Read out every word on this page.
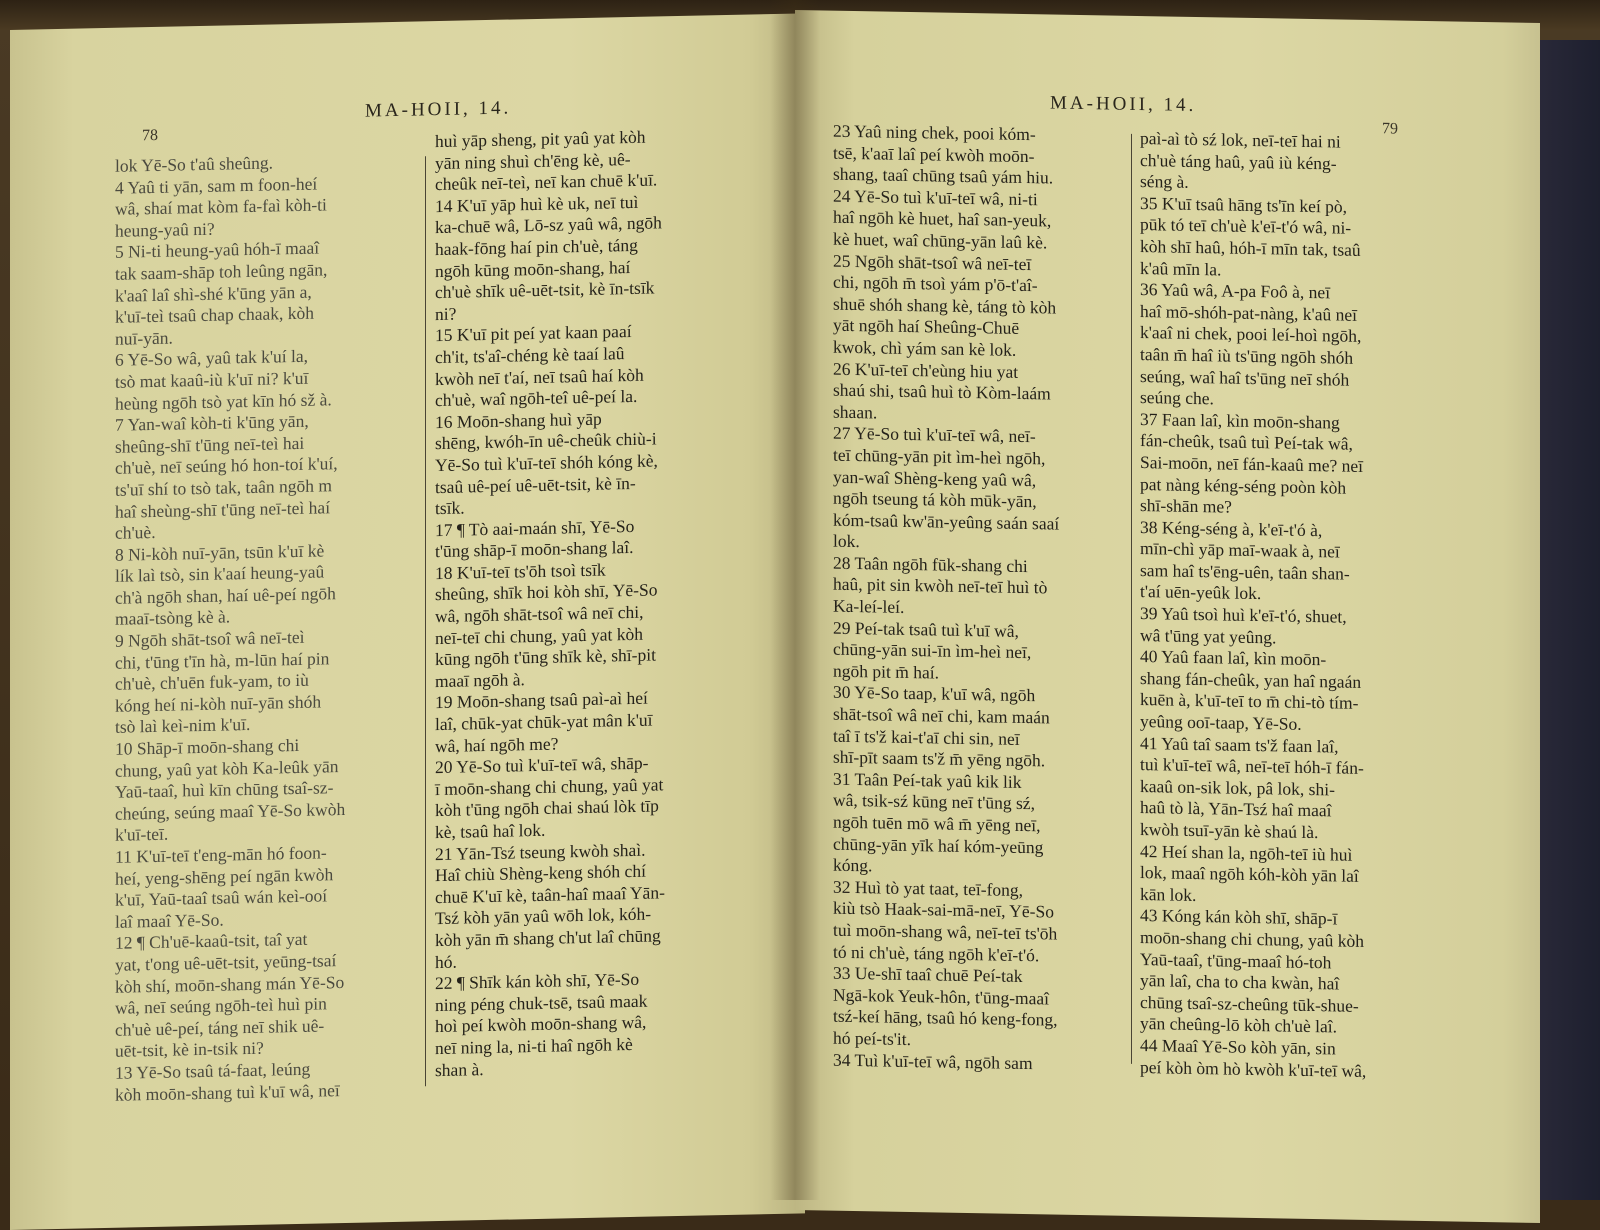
MA-HOII, 14.
78
lok Yē-So t'aû sheûng.
4 Yaû ti yān, sam m foon-heí
wâ, shaí mat kòm fa-faì kòh-ti
heung-yaû ni?
5 Ni-ti heung-yaû hóh-ī maaî
tak saam-shāp toh leûng ngān,
k'aaî laî shì-shé k'ūng yān a,
k'uī-teì tsaû chap chaak, kòh
nuī-yān.
6 Yē-So wâ, yaû tak k'uí la,
tsò mat kaaû-iù k'uī ni? k'uī
heùng ngōh tsò yat kīn hó sž à.
7 Yan-waî kòh-ti k'ūng yān,
sheûng-shī t'ūng neī-teì hai
ch'uè, neī seúng hó hon-toí k'uí,
ts'uī shí to tsò tak, taân ngōh m
haî sheùng-shī t'ūng neī-teì haí
ch'uè.
8 Ni-kòh nuī-yān, tsūn k'uī kè
lík laì tsò, sin k'aaí heung-yaû
ch'à ngōh shan, haí uê-peí ngōh
maaī-tsòng kè à.
9 Ngōh shāt-tsoî wâ neī-teì
chi, t'ūng t'īn hà, m-lūn haí pin
ch'uè, ch'uēn fuk-yam, to iù
kóng heí ni-kòh nuī-yān shóh
tsò laì keì-nim k'uī.
10 Shāp-ī moōn-shang chi
chung, yaû yat kòh Ka-leûk yān
Yaū-taaî, huì kīn chūng tsaî-sz-
cheúng, seúng maaî Yē-So kwòh
k'uī-teī.
11 K'uī-teī t'eng-mān hó foon-
heí, yeng-shēng peí ngān kwòh
k'uī, Yaū-taaî tsaû wán keì-ooí
laî maaî Yē-So.
12 ¶ Ch'uē-kaaû-tsit, taî yat
yat, t'ong uê-uēt-tsit, yeūng-tsaí
kòh shí, moōn-shang mán Yē-So
wâ, neī seúng ngōh-teì huì pin
ch'uè uê-peí, táng neī shik uê-
uēt-tsit, kè in-tsik ni?
13 Yē-So tsaû tá-faat, leúng
kòh moōn-shang tuì k'uī wâ, neī
huì yāp sheng, pit yaû yat kòh
yān ning shuì ch'ēng kè, uê-
cheûk neī-teì, neī kan chuē k'uī.
14 K'uī yāp huì kè uk, neī tuì
ka-chuē wâ, Lō-sz yaû wâ, ngōh
haak-fōng haí pin ch'uè, táng
ngōh kūng moōn-shang, haí
ch'uè shīk uê-uēt-tsit, kè īn-tsīk
ni?
15 K'uī pit peí yat kaan paaí
ch'it, ts'aî-chéng kè taaí laû
kwòh neī t'aí, neī tsaû haí kòh
ch'uè, waî ngōh-teî uê-peí la.
16 Moōn-shang huì yāp
shēng, kwóh-īn uê-cheûk chiù-i
Yē-So tuì k'uī-teī shóh kóng kè,
tsaû uê-peí uê-uēt-tsit, kè īn-
tsīk.
17 ¶ Tò aai-maán shī, Yē-So
t'ūng shāp-ī moōn-shang laî.
18 K'uī-teī ts'ōh tsoì tsīk
sheûng, shīk hoi kòh shī, Yē-So
wâ, ngōh shāt-tsoî wâ neī chi,
neī-teī chi chung, yaû yat kòh
kūng ngōh t'ūng shīk kè, shī-pit
maaī ngōh à.
19 Moōn-shang tsaû paì-aì heí
laî, chūk-yat chūk-yat mân k'uī
wâ, haí ngōh me?
20 Yē-So tuì k'uī-teī wâ, shāp-
ī moōn-shang chi chung, yaû yat
kòh t'ūng ngōh chai shaú lòk tīp
kè, tsaû haî lok.
21 Yān-Tsź tseung kwòh shaì.
Haî chiù Shèng-keng shóh chí
chuē K'uī kè, taân-haî maaî Yān-
Tsź kòh yān yaû wōh lok, kóh-
kòh yān m̄ shang ch'ut laî chūng
hó.
22 ¶ Shīk kán kòh shī, Yē-So
ning péng chuk-tsē, tsaû maak
hoì peí kwòh moōn-shang wâ,
neī ning la, ni-ti haî ngōh kè
shan à.
MA-HOII, 14.
79
23 Yaû ning chek, pooi kóm-
tsē, k'aaī laî peí kwòh moōn-
shang, taaî chūng tsaû yám hiu.
24 Yē-So tuì k'uī-teī wâ, ni-ti
haî ngōh kè huet, haî san-yeuk,
kè huet, waî chūng-yān laû kè.
25 Ngōh shāt-tsoî wâ neī-teī
chi, ngōh m̄ tsoì yám p'ō-t'aî-
shuē shóh shang kè, táng tò kòh
yāt ngōh haí Sheûng-Chuē
kwok, chì yám san kè lok.
26 K'uī-teī ch'eùng hiu yat
shaú shi, tsaû huì tò Kòm-laám
shaan.
27 Yē-So tuì k'uī-teī wâ, neī-
teī chūng-yān pit ìm-heì ngōh,
yan-waî Shèng-keng yaû wâ,
ngōh tseung tá kòh mūk-yān,
kóm-tsaû kw'ān-yeûng saán saaí
lok.
28 Taân ngōh fūk-shang chi
haû, pit sin kwòh neī-teī huì tò
Ka-leí-leí.
29 Peí-tak tsaû tuì k'uī wâ,
chūng-yān sui-īn ìm-heì neī,
ngōh pit m̄ haí.
30 Yē-So taap, k'uī wâ, ngōh
shāt-tsoî wâ neī chi, kam maán
taî ī ts'ž kai-t'aī chi sin, neī
shī-pīt saam ts'ž m̄ yēng ngōh.
31 Taân Peí-tak yaû kik lik
wâ, tsik-sź kūng neī t'ūng sź,
ngōh tuēn mō wâ m̄ yēng neī,
chūng-yān yīk haí kóm-yeūng
kóng.
32 Huì tò yat taat, teī-fong,
kiù tsò Haak-sai-mā-neī, Yē-So
tuì moōn-shang wâ, neī-teī ts'ōh
tó ni ch'uè, táng ngōh k'eī-t'ó.
33 Ue-shī taaî chuē Peí-tak
Ngā-kok Yeuk-hôn, t'ūng-maaî
tsź-keí hāng, tsaû hó keng-fong,
hó peí-ts'it.
34 Tuì k'uī-teī wâ, ngōh sam
paì-aì tò sź lok, neī-teī hai ni
ch'uè táng haû, yaû iù kéng-
séng à.
35 K'uī tsaû hāng ts'īn keí pò,
pūk tó teī ch'uè k'eī-t'ó wâ, ni-
kòh shī haû, hóh-ī mīn tak, tsaû
k'aû mīn la.
36 Yaû wâ, A-pa Foô à, neī
haî mō-shóh-pat-nàng, k'aû neī
k'aaî ni chek, pooi leí-hoì ngōh,
taân m̄ haî iù ts'ūng ngōh shóh
seúng, waî haî ts'ūng neī shóh
seúng che.
37 Faan laî, kìn moōn-shang
fán-cheûk, tsaû tuì Peí-tak wâ,
Sai-moōn, neī fán-kaaû me? neī
pat nàng kéng-séng poòn kòh
shī-shān me?
38 Kéng-séng à, k'eī-t'ó à,
mīn-chì yāp maī-waak à, neī
sam haî ts'ēng-uên, taân shan-
t'aí uēn-yeûk lok.
39 Yaû tsoì huì k'eī-t'ó, shuet,
wâ t'ūng yat yeûng.
40 Yaû faan laî, kìn moōn-
shang fán-cheûk, yan haî ngaán
kuēn à, k'uī-teī to m̄ chi-tò tím-
yeûng ooī-taap, Yē-So.
41 Yaû taî saam ts'ž faan laî,
tuì k'uī-teī wâ, neī-teī hóh-ī fán-
kaaû on-sik lok, pâ lok, shi-
haû tò là, Yān-Tsź haî maaî
kwòh tsuī-yān kè shaú là.
42 Heí shan la, ngōh-teī iù huì
lok, maaî ngōh kóh-kòh yān laî
kān lok.
43 Kóng kán kòh shī, shāp-ī
moōn-shang chi chung, yaû kòh
Yaū-taaî, t'ūng-maaî hó-toh
yān laî, cha to cha kwàn, haî
chūng tsaî-sz-cheûng tūk-shue-
yān cheûng-lō kòh ch'uè laî.
44 Maaî Yē-So kòh yān, sin
peí kòh òm hò kwòh k'uī-teī wâ,
